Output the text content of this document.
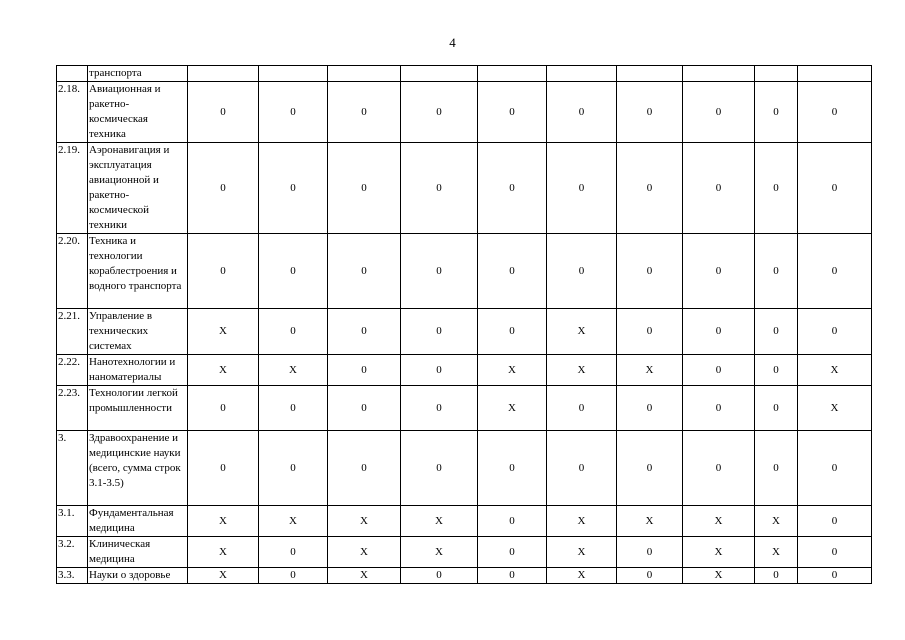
4
	транспорта										
2.18.	Авиационная и ракетно-космическая техника	0	0	0	0	0	0	0	0	0	0
2.19.	Аэронавигация и эксплуатация авиационной и ракетно-космической техники	0	0	0	0	0	0	0	0	0	0
2.20.	Техника и технологии кораблестроения и водного транспорта	0	0	0	0	0	0	0	0	0	0
2.21.	Управление в технических системах	X	0	0	0	0	X	0	0	0	0
2.22.	Нанотехнологии и наноматериалы	X	X	0	0	X	X	X	0	0	X
2.23.	Технологии легкой промышленности	0	0	0	0	X	0	0	0	0	X
3.	Здравоохранение и медицинские науки (всего, сумма строк 3.1-3.5)	0	0	0	0	0	0	0	0	0	0
3.1.	Фундаментальная медицина	X	X	X	X	0	X	X	X	X	0
3.2.	Клиническая медицина	X	0	X	X	0	X	0	X	X	0
3.3.	Науки о здоровье	X	0	X	0	0	X	0	X	0	0
